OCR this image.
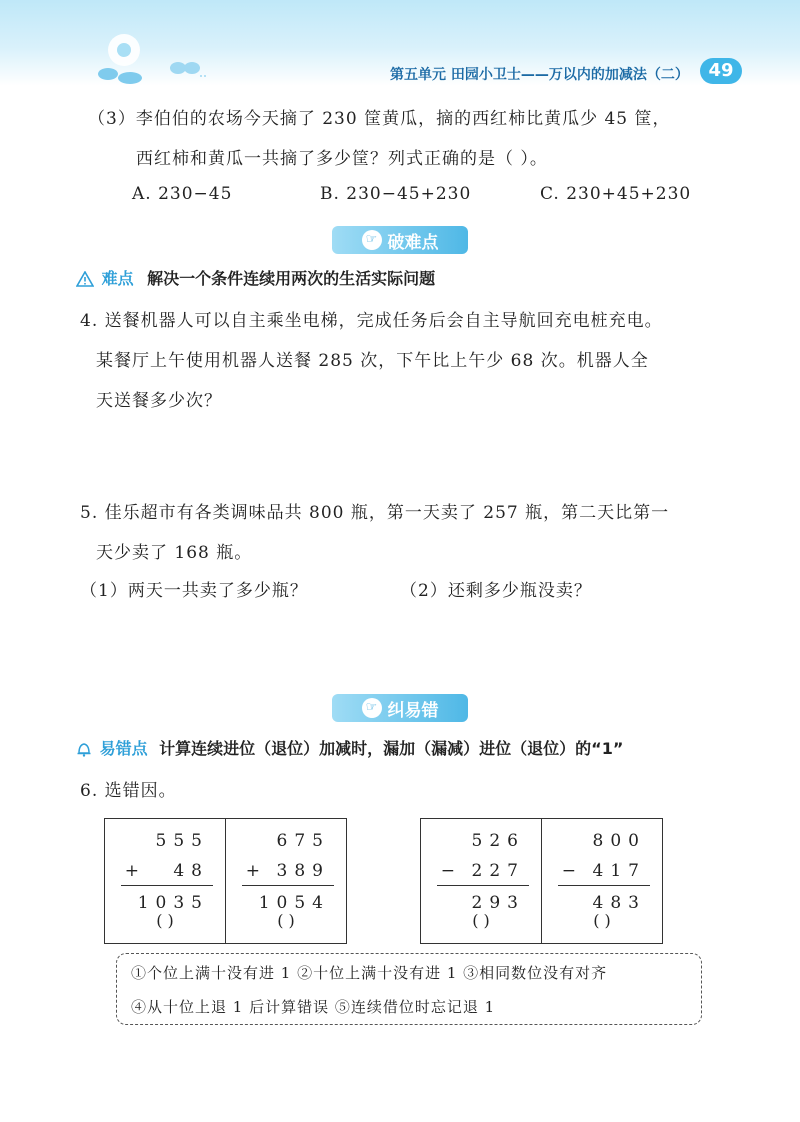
第五单元 田园小卫士——万以内的加减法（二）	49
（3）李伯伯的农场今天摘了 230 筐黄瓜，摘的西红柿比黄瓜少 45 筐，
西红柿和黄瓜一共摘了多少筐？列式正确的是（ ）。
A. 230−45	B. 230−45+230	C. 230+45+230
☞ 破难点
难点 解决一个条件连续用两次的生活实际问题
4. 送餐机器人可以自主乘坐电梯，完成任务后会自主导航回充电桩充电。
某餐厅上午使用机器人送餐 285 次，下午比上午少 68 次。机器人全
天送餐多少次？
5. 佳乐超市有各类调味品共 800 瓶，第一天卖了 257 瓶，第二天比第一
天少卖了 168 瓶。
（1）两天一共卖了多少瓶？	（2）还剩多少瓶没卖？
☞ 纠易错
易错点 计算连续进位（退位）加减时，漏加（漏减）进位（退位）的“1”
6. 选错因。
555
+ 48
1035
( )

675
+ 389
1054
( )
526
− 227
293
( )

800
− 417
483
( )
①个位上满十没有进 1 ②十位上满十没有进 1 ③相同数位没有对齐
④从十位上退 1 后计算错误 ⑤连续借位时忘记退 1
